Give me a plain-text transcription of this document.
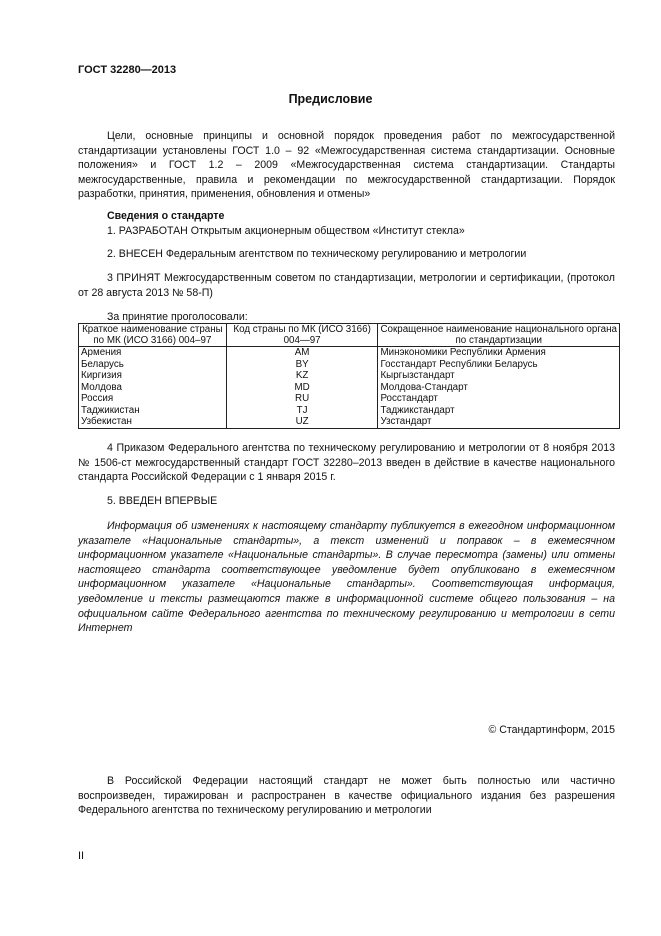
ГОСТ 32280—2013
Предисловие

Цели, основные принципы и основной порядок проведения работ по межгосударственной стандартизации установлены ГОСТ 1.0 – 92 «Межгосударственная система стандартизации. Основные положения» и ГОСТ 1.2 – 2009 «Межгосударственная система стандартизации. Стандарты межгосударственные, правила и рекомендации по межгосударственной стандартизации. Порядок разработки, принятия, применения, обновления и отмены»

Сведения о стандарте

1. РАЗРАБОТАН Открытым акционерным обществом «Институт стекла»

2. ВНЕСЕН Федеральным агентством по техническому регулированию и метрологии

3 ПРИНЯТ Межгосударственным советом по стандартизации, метрологии и сертификации, (протокол от 28 августа 2013 № 58-П)

За принятие проголосовали:

Краткое наименование страны по МК (ИСО 3166) 004–97	Код страны по МК (ИСО 3166) 004—97	Сокращенное наименование национального органа по стандартизации
Армения	AM	Минэкономики Республики Армения
Беларусь	BY	Госстандарт Республики Беларусь
Киргизия	KZ	Кыргызстандарт
Молдова	MD	Молдова-Стандарт
Россия	RU	Росстандарт
Таджикистан	TJ	Таджикстандарт
Узбекистан	UZ	Узстандарт

4 Приказом Федерального агентства по техническому регулированию и метрологии от 8 ноября 2013 № 1506-ст межгосударственный стандарт ГОСТ 32280–2013 введен в действие в качестве национального стандарта Российской Федерации с 1 января 2015 г.

5. ВВЕДЕН ВПЕРВЫЕ

Информация об изменениях к настоящему стандарту публикуется в ежегодном информационном указателе «Национальные стандарты», а текст изменений и поправок – в ежемесячном информационном указателе «Национальные стандарты». В случае пересмотра (замены) или отмены настоящего стандарта соответствующее уведомление будет опубликовано в ежемесячном информационном указателе «Национальные стандарты». Соответствующая информация, уведомление и тексты размещаются также в информационной системе общего пользования – на официальном сайте Федерального агентства по техническому регулированию и метрологии в сети Интернет

© Стандартинформ, 2015

В Российской Федерации настоящий стандарт не может быть полностью или частично воспроизведен, тиражирован и распространен в качестве официального издания без разрешения Федерального агентства по техническому регулированию и метрологии

II
